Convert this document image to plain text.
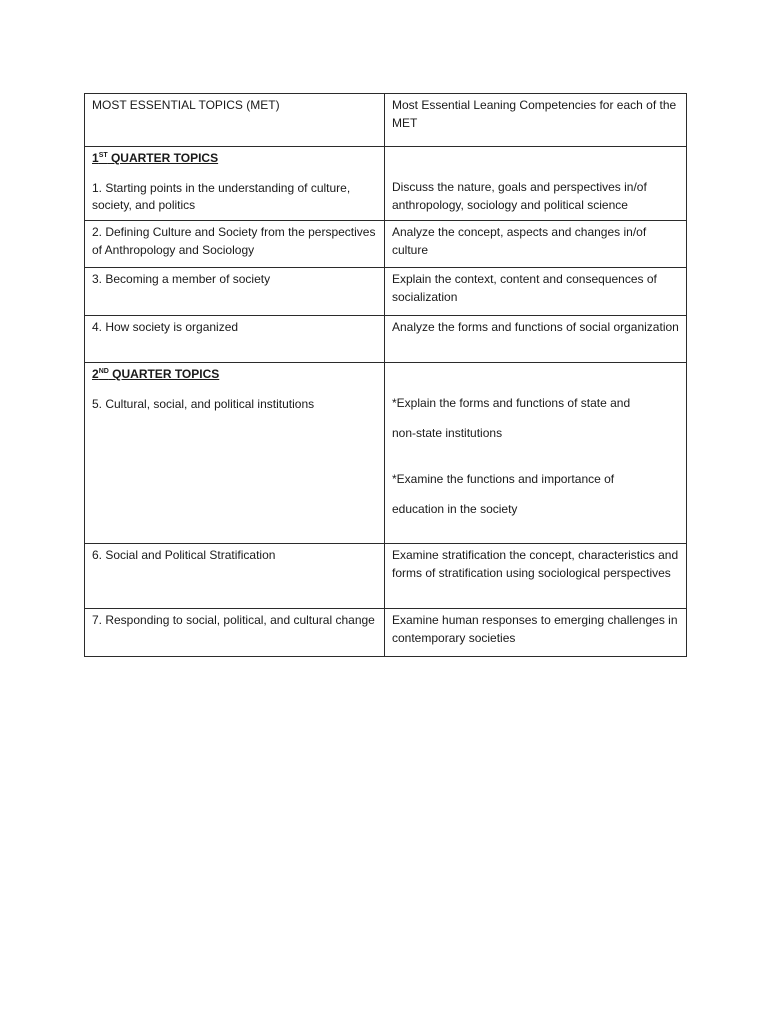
MOST ESSENTIAL TOPICS (MET)	Most Essential Leaning Competencies for each of the MET

1ST QUARTER TOPICS
1. Starting points in the understanding of culture, society, and politics	Discuss the nature, goals and perspectives in/of anthropology, sociology and political science

2. Defining Culture and Society from the perspectives of Anthropology and Sociology	Analyze the concept, aspects and changes in/of culture

3. Becoming a member of society	Explain the context, content and consequences of socialization

4. How society is organized	Analyze the forms and functions of social organization

2ND QUARTER TOPICS
5. Cultural, social, and political institutions	*Explain the forms and functions of state and
non-state institutions
*Examine the functions and importance of
education in the society

6. Social and Political Stratification	Examine stratification the concept, characteristics and forms of stratification using sociological perspectives

7. Responding to social, political, and cultural change	Examine human responses to emerging challenges in contemporary societies
